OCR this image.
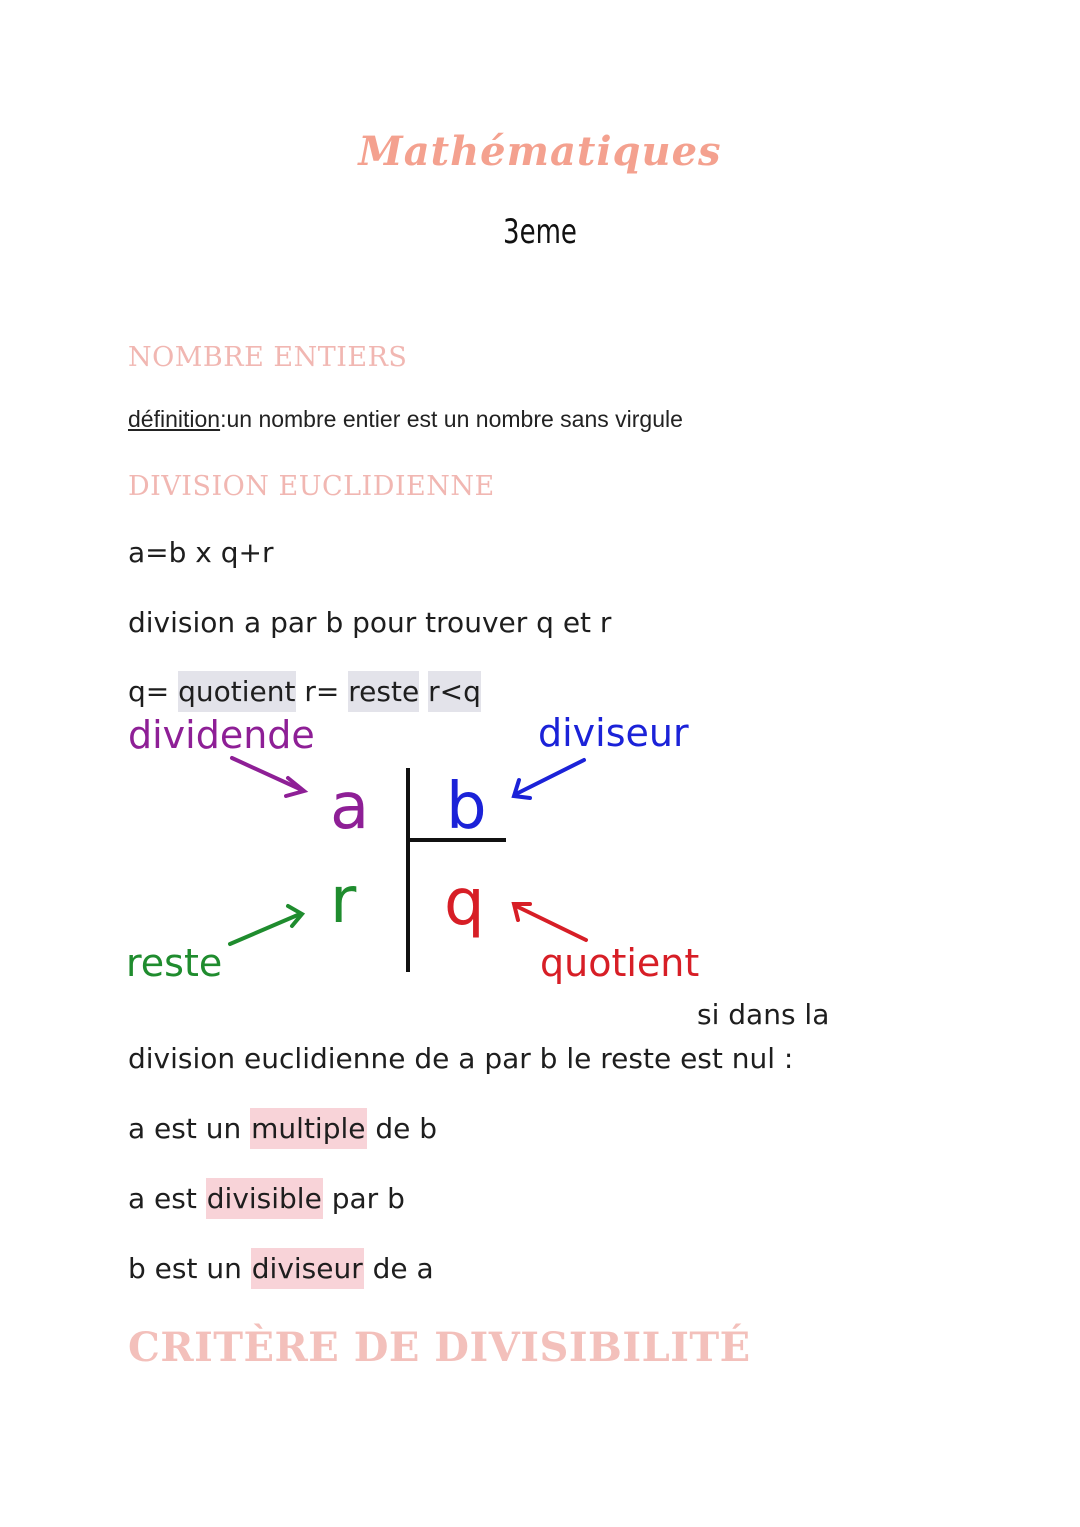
Mathématiques
3eme
NOMBRE ENTIERS
définition:un nombre entier est un nombre sans virgule
DIVISION EUCLIDIENNE
a=b x q+r
division a par b pour trouver q et r
q= quotient r= reste r<q
dividende	diviseur
reste	quotient
a b
r q
si dans la
division euclidienne de a par b le reste est nul :
a est un multiple de b
a est divisible par b
b est un diviseur de a
CRITÈRE DE DIVISIBILITÉ
